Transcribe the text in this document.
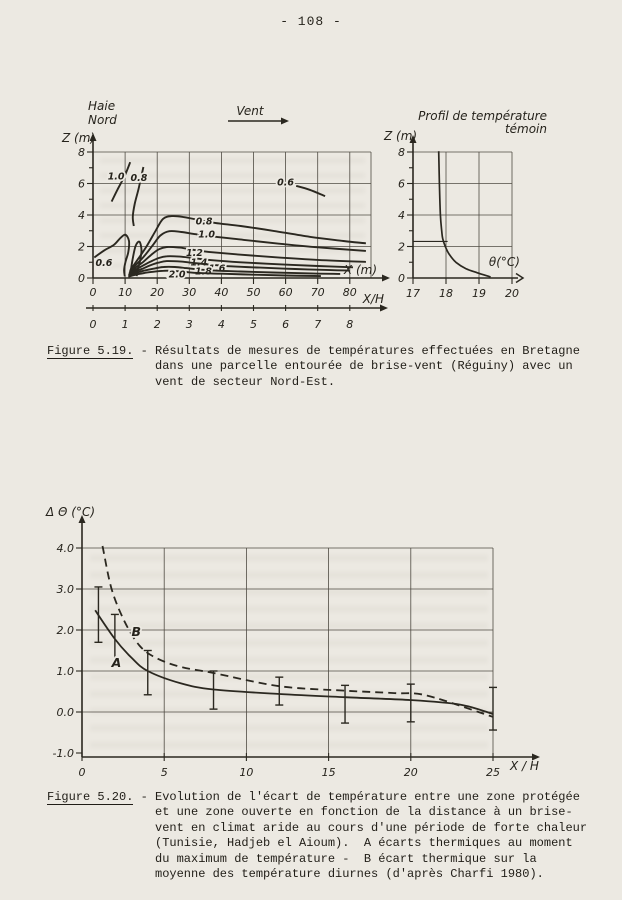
- 108 -
0
2
4
6
8
0 10 20 30 40 50 60 70 80
X (m)
Z (m)
0 1 2 3 4 5 6 7 8
X/H
Haie
Nord
Vent
1.0 0.8
0.6
0.6
0.8
1.0
1.2
1.4
1.6
1.8
2.0	0
2
4
6
8
17 18 19 20
θ(°C)
Z (m)
Profil de température
témoin
4.0
3.0
2.0
1.0
0.0
-1.0
0	5	10	15	20	25
Δ Θ (°C)
X / H
A
B
Figure 5.19. - Résultats de mesures de températures effectuées en Bretagne
dans une parcelle entourée de brise-vent (Réguiny) avec un
vent de secteur Nord-Est.
Figure 5.20. - Evolution de l'écart de température entre une zone protégée
et une zone ouverte en fonction de la distance à un brise-
vent en climat aride au cours d'une période de forte chaleur
(Tunisie, Hadjeb el Aioum).  A écarts thermiques au moment
du maximum de température -  B écart thermique sur la
moyenne des température diurnes (d'après Charfi 1980).
